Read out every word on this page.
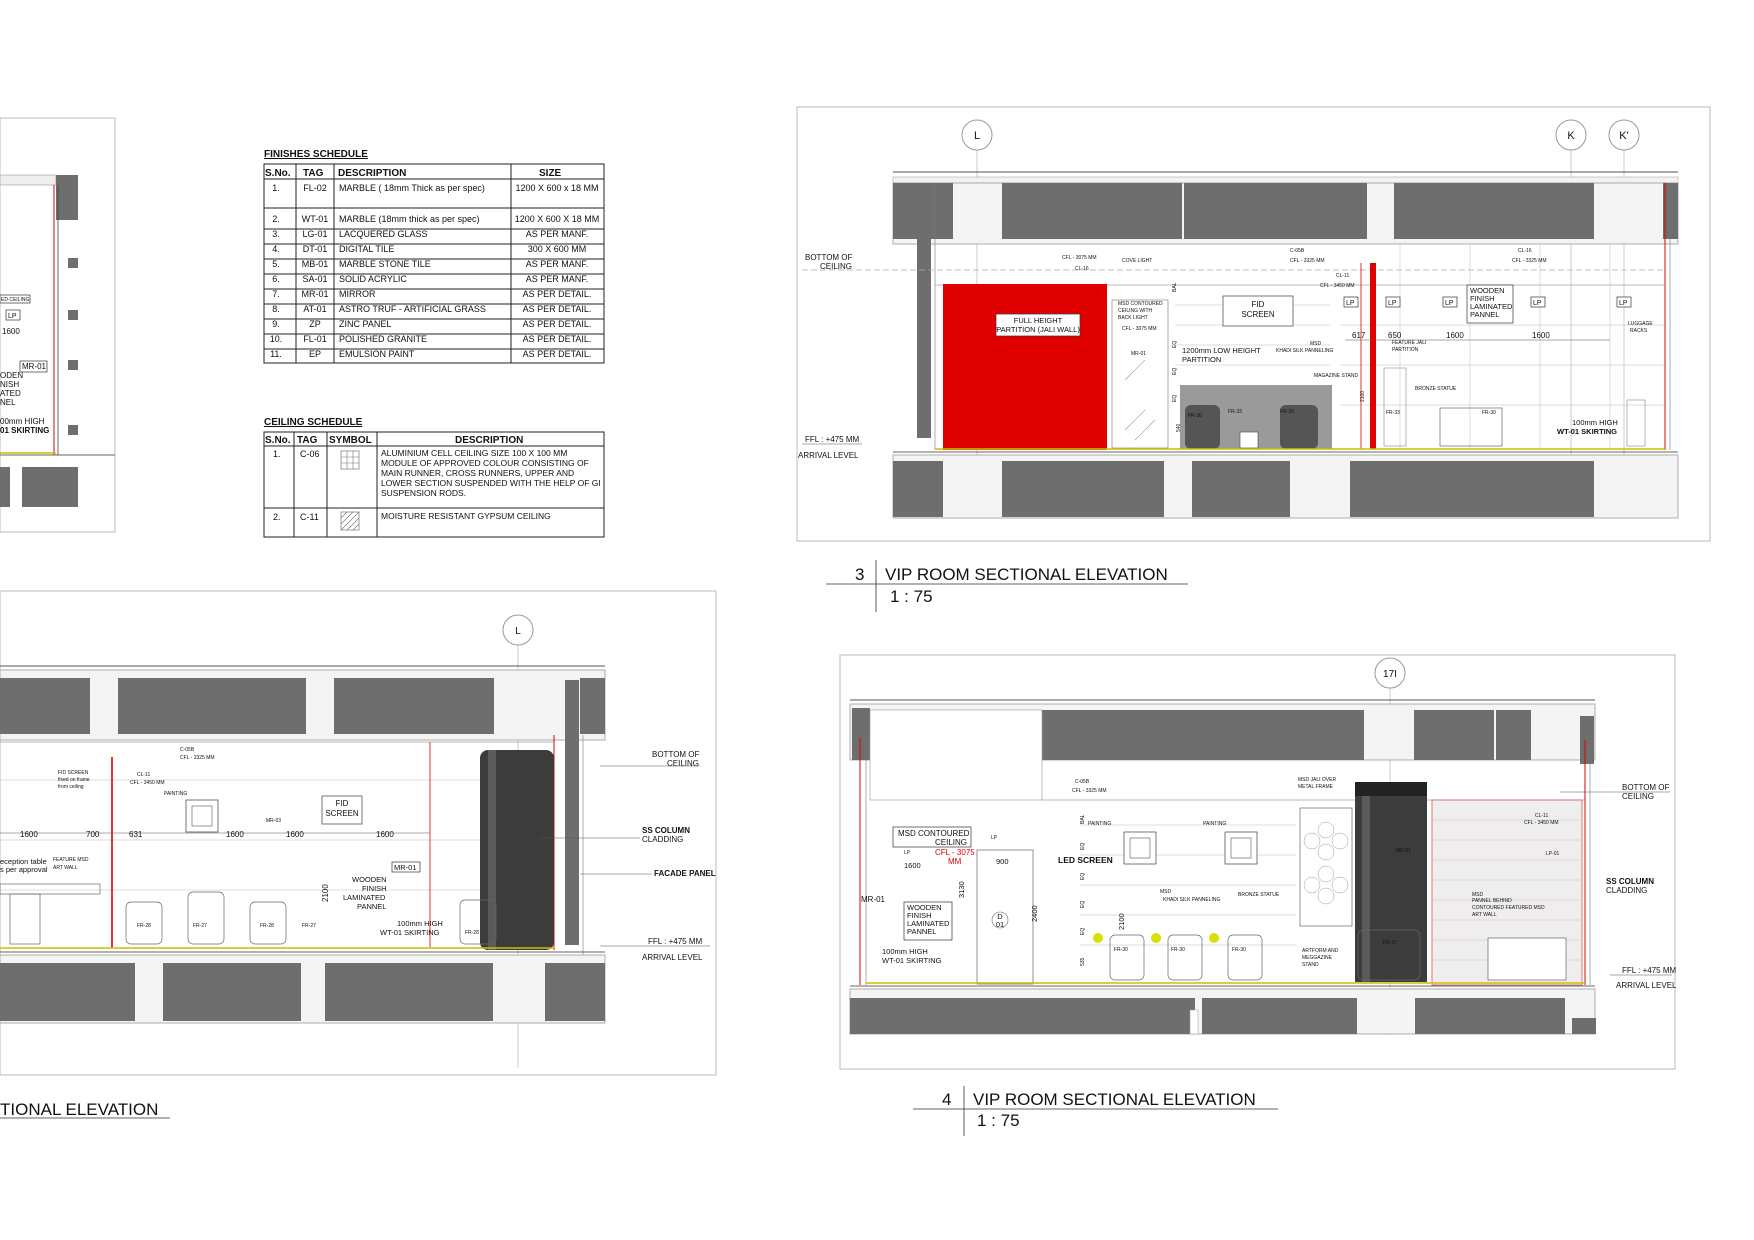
ED CEILING
LP
1600
MR-01
ODEN
NISH
ATED
NEL
00mm HIGH
01 SKIRTING
FINISHES SCHEDULE
S.No. TAG DESCRIPTION	SIZE
1.	FL-02 MARBLE ( 18mm Thick as per spec)	1200 X 600 x 18 MM
2. WT-01 MARBLE (18mm thick as per spec)	1200 X 600 X 18 MM
3.	LG-01 LACQUERED GLASS	AS PER MANF.
4.	DT-01 DIGITAL TILE	300 X 600 MM
5. MB-01 MARBLE STONE TILE	AS PER MANF.
6.	SA-01 SOLID ACRYLIC	AS PER MANF.
7. MR-01 MIRROR	AS PER DETAIL.
8.	AT-01 ASTRO TRUF - ARTIFICIAL GRASS	AS PER DETAIL.
9.	ZP ZINC PANEL	AS PER DETAIL.
10. FL-01 POLISHED GRANITE	AS PER DETAIL.
11.	EP EMULSION PAINT	AS PER DETAIL.
CEILING SCHEDULE
S.No. TAG SYMBOL	DESCRIPTION
1. C-06	ALUMINIUM CELL CEILING SIZE 100 X 100 MM
MODULE OF APPROVED COLOUR CONSISTING OF
MAIN RUNNER, CROSS RUNNERS, UPPER AND
LOWER SECTION SUSPENDED WITH THE HELP OF GI
SUSPENSION RODS.
2. C-11	MOISTURE RESISTANT GYPSUM CEILING
L	K	K'
BOTTOM OF
CEILING
FULL HEIGHT
PARTITION (JALI WALL)
FID
SCREEN
1200mm LOW HEIGHT
PARTITION
WOODEN
FINISH
LAMINATED
PANNEL
LP	LP	LP	LP	LP
617	650	1600	1600
100mm HIGH
WT-01 SKIRTING
FFL : +475 MM
ARRIVAL LEVEL
CFL - 3075 MM
CL-16
COVE LIGHT
C-05B
CFL - 3325 MM
CL-16
CFL - 3325 MM
CL-11
CFL - 3450 MM
MSD CONTOURED
CEILING WITH
BACK LIGHT
CFL - 3075 MM
MSD
KHADI SILK PANNELING
MAGAZINE STAND
BRONZE STATUE
FEATURE JALI
PARTITION
LUGGAGE
RACKS
MR-01
FR-30
FR-33	FR-30	FR-33	FR-30
2100
540
BAL
EQ
EQ
EQ
3 VIP ROOM SECTIONAL ELEVATION
1 : 75
17I
BOTTOM OF
CEILING
SS COLUMN
CLADDING
D
01
MSD CONTOURED
CEILING
CFL - 3075
MM	LED SCREEN
WOODEN
FINISH
LAMINATED
PANNEL
100mm HIGH
WT-01 SKIRTING
MR-01
1600	900
3130
2400	2100
FFL : +475 MM
ARRIVAL LEVEL
C-05B
CFL - 3325 MM
PAINTING	PAINTING
MSD JALI OVER
METAL FRAME
MSD
KHADI SILK PANNELING
BRONZE STATUE
ARTFORM AND
MEGGAZINE
STAND
CL-11
CFL - 3450 MM
LP-01
MSD
PANNEL BEHIND
CONTOURED FEATURED MSD
ART WALL
FR-30	FR-30	FR-30
FR-27
MR-01
LP
LP
BAL
EQ
EQ
EQ
EQ
535
4 VIP ROOM SECTIONAL ELEVATION
1 : 75
L
BOTTOM OF
CEILING
SS COLUMN
CLADDING
FACADE PANEL
FID
SCREEN
MR-01
WOODEN
FINISH
LAMINATED
PANNEL
100mm HIGH
WT-01 SKIRTING
eception table
s per approval
1600	700	631	1600	1600	1600
2100
FFL : +475 MM
ARRIVAL LEVEL
C-05B
CFL - 3325 MM
FID SCREEN
fixed on frame
from ceiling
CL-11
CFL - 3450 MM
PAINTING
MR-03
FEATURE MSD
ART WALL
FR-28	FR-27	FR-28	FR-27
FR-28
TIONAL ELEVATION
